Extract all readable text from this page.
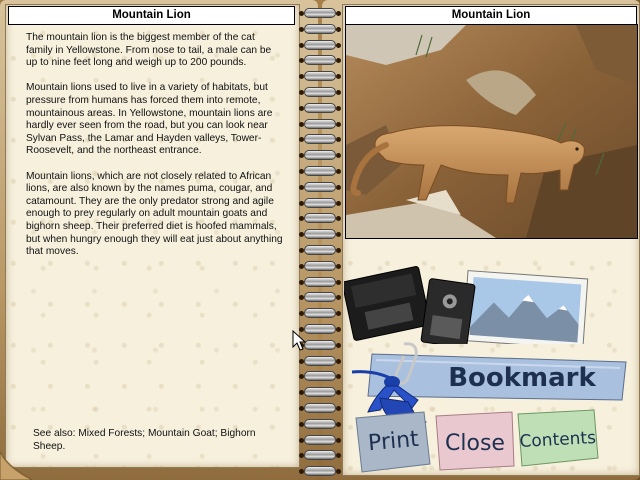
Mountain Lion

The mountain lion is the biggest member of the cat family in Yellowstone. From nose to tail, a male can be up to nine feet long and weigh up to 200 pounds.

Mountain lions used to live in a variety of habitats, but pressure from humans has forced them into remote, mountainous areas. In Yellowstone, mountain lions are hardly ever seen from the road, but you can look near Sylvan Pass, the Lamar and Hayden valleys, Tower-Roosevelt, and the northeast entrance.

Mountain lions, which are not closely related to African lions, are also known by the names puma, cougar, and catamount. They are the only predator strong and agile enough to prey regularly on adult mountain goats and bighorn sheep. Their preferred diet is hoofed mammals, but when hungry enough they will eat just about anything that moves.

See also: Mixed Forests; Mountain Goat; Bighorn Sheep.
Mountain Lion
Bookmark
Print Close Contents
